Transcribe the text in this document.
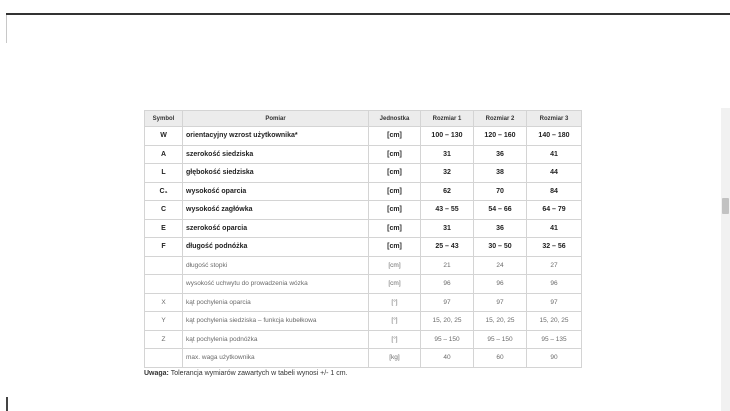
Symbol	Pomiar	Jednostka	Rozmiar 1	Rozmiar 2	Rozmiar 3
W	orientacyjny wzrost użytkownika*	[cm]	100 – 130	120 – 160	140 – 180
A	szerokość siedziska	[cm]	31	36	41
L	głębokość siedziska	[cm]	32	38	44
C₁	wysokość oparcia	[cm]	62	70	84
C	wysokość zagłówka	[cm]	43 – 55	54 – 66	64 – 79
E	szerokość oparcia	[cm]	31	36	41
F	długość podnóżka	[cm]	25 – 43	30 – 50	32 – 56
	długość stopki	[cm]	21	24	27
	wysokość uchwytu do prowadzenia wózka	[cm]	96	96	96
X	kąt pochylenia oparcia	[°]	97	97	97
Y	kąt pochylenia siedziska – funkcja kubełkowa	[°]	15, 20, 25	15, 20, 25	15, 20, 25
Z	kąt pochylenia podnóżka	[°]	95 – 150	95 – 150	95 – 135
	max. waga użytkownika	[kg]	40	60	90
Uwaga: Tolerancja wymiarów zawartych w tabeli wynosi +/- 1 cm.
